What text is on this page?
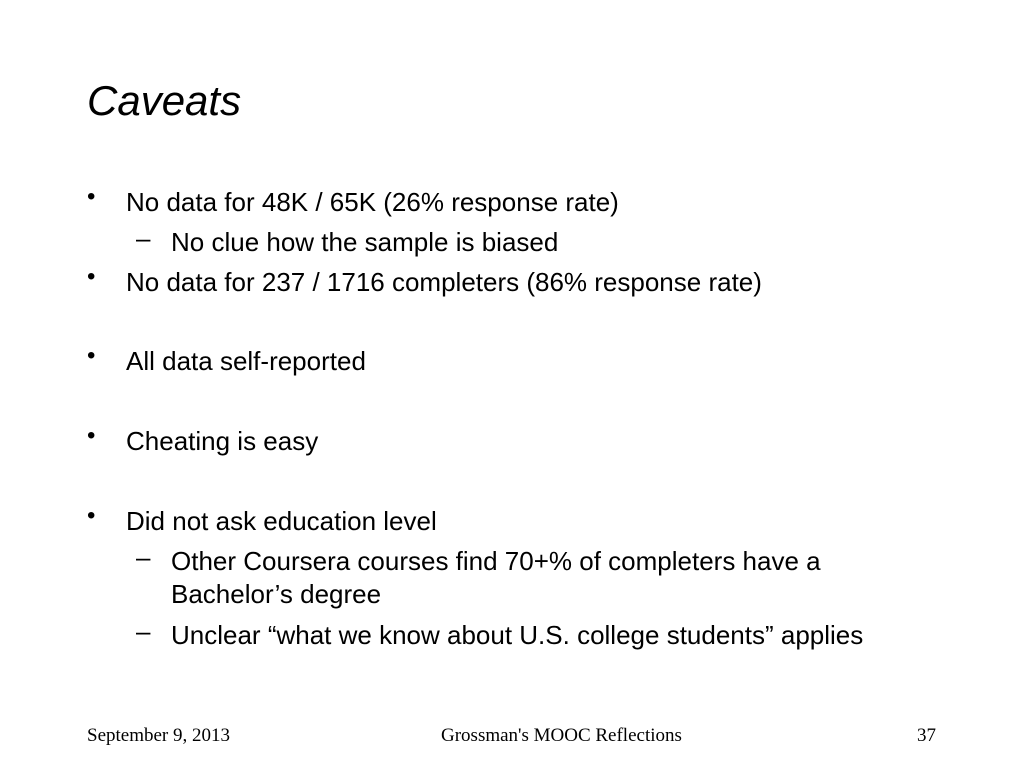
Caveats
• No data for 48K / 65K (26% response rate)
– No clue how the sample is biased
• No data for 237 / 1716 completers (86% response rate)
• All data self-reported
• Cheating is easy
• Did not ask education level
– Other Coursera courses find 70+% of completers have a
Bachelor’s degree
– Unclear “what we know about U.S. college students” applies
September 9, 2013	Grossman's MOOC Reflections	37
